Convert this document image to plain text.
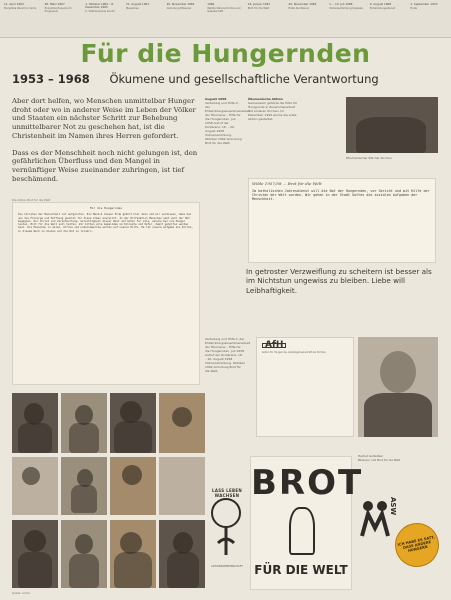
11. April 1963
Enzyklika Pacem in terris
26. März 1967
Enzyklika Populorum Progressio
1. Oktober 1962 – 8. Dezember 1965
II. Vatikanisches Konzil
31. August 1961
Mauerbau
20. November 1962
Gründung Misereor
1966
Weltkonferenz Kirche und Gesellschaft
16. Januar 1967
Brot für die Welt
20. November 1963
Erste Konferenz
1. – 10. Juli 1968
Vollversammlung Uppsala
9. August 1968
Entwicklungsdienst
1. September 1970
Ende
Für die Hungernden
1953 – 1968 Ökumene und gesellschaftliche Verantwortung

Aber dort helfen, wo Menschen unmittelbar Hunger droht oder wo in anderer Weise im Leben der Völker und Staaten ein nächster Schritt zur Behebung unmittelbarer Not zu geschehen hat, ist die Christenheit im Namen ihres Herren gefordert.

Dass es der Menschheit noch nicht gelungen ist, den gefährlichen Überfluss und den Mangel in vernünftiger Weise zueinander zuhringen, ist tief beschämend.

Die Aktion Brot für die Welt
Für die Hungernden
Die Christen der Menschheit ist aufgerufen. Ein Mensch dieser Erde gehört hier dazu und wir vermissen, dass bei uns die Fürsorge und Hoffnung genutzt für diese Armen ausreicht. In der Hilfsaktion Menschen seht wohl der Not begegnen. Der Christ und Verantwortung. Gerechtigkeit dieser Welt und Güter für alle, welche bei uns Hunger leiden. Brot für die Welt soll helfen. Wir bitten alle Gemeinden um Kollekte und Opfer, damit geholfen werden kann. Die Menschen in Asien, Afrika und Lateinamerika warten auf unsere Hilfe. Es ist unsere Aufgabe als Kirche, in diesem Werk zu dienen und die Not zu lindern.
August 1958
Verteilung und Hilfe in der Entwicklungszusammenarbeit der Ökumene – Hilfe für die Hungernden. Juli 1958 Aufruf der Konferenz. 16. – 20. August 1958 Vollversammlung. Oktober 1962 Gründung Brot für die Welt.
Ökumenische Aktion
Gemeinsam gehörte die Hilfe für Hungernde in Zusammenarbeit mit anderen Kirchen. Im Dezember 1959 wurde die erste Aktion gestartet.
Ökumenischer Rat der Kirchen
Wilde 1957/58 ... Brot für die Welt
Im katholischen Jahresdienst will die Not der Hungernden, vor Gericht und mit Hilfe der Christen der Welt wurden. Wir gehen in der Stadt Gottes die sozialen Aufgaben der Menschheit.
In getroster Verzweiflung zu scheitern ist besser als im Nichtstun ungewiss zu bleiben. Liebe will Leibhaftigkeit.
Verteilung und Hilfe in der Entwicklungszusammenarbeit der Ökumene – Hilfe für die Hungernden. Juli 1958 Aufruf der Konferenz. 16. – 20. August 1958 Vollversammlung. Oktober 1962 Gründung Brot für die Welt.
AfH
Aktion für Hungernde. Arbeitsgemeinschaft der Kirchen.
Helmut Gollwitzer
Misereor und Brot für die Welt
LASS LEBEN WACHSEN
AKTIONSGEMEINSCHAFT
BROT
FÜR DIE WELT
ASW
ICH HABE ES SATT, DASS ANDERE HUNGERN
Quelle: Archiv
